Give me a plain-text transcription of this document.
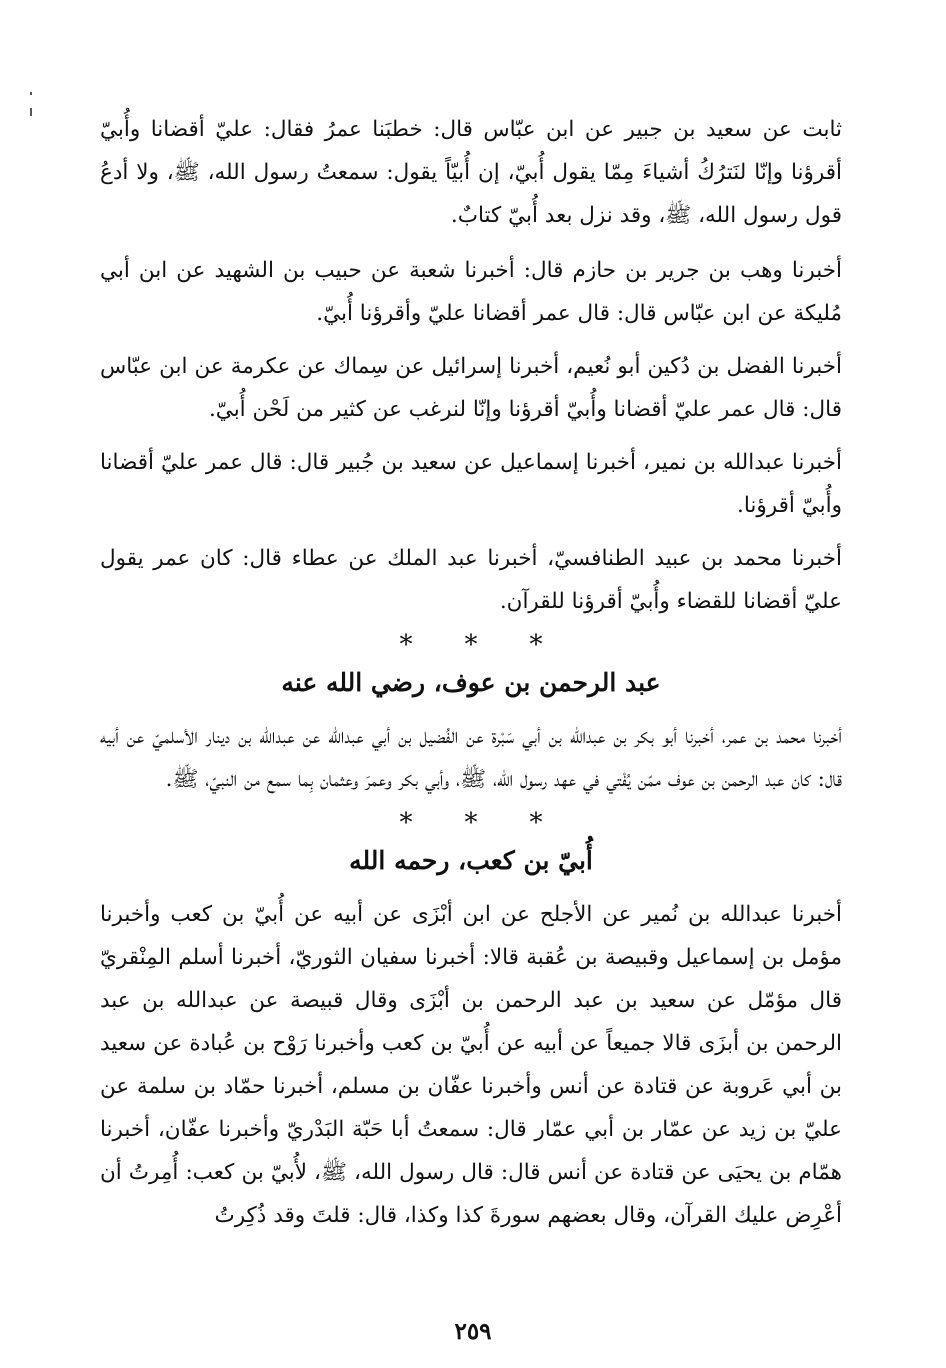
ثابت عن سعيد بن جبير عن ابن عبّاس قال: خطبَنا عمرُ فقال: عليّ أقضانا وأُبيّ أقرؤنا وإنّا لنَترُكُ أشياءَ مِمّا يقول أُبيّ، إن أُبيّاً يقول: سمعتُ رسول الله، ﷺ، ولا أدعُ قول رسول الله، ﷺ، وقد نزل بعد أُبيّ كتابٌ.

أخبرنا وهب بن جرير بن حازم قال: أخبرنا شعبة عن حبيب بن الشهيد عن ابن أبي مُليكة عن ابن عبّاس قال: قال عمر أقضانا عليّ وأقرؤنا أُبيّ.

أخبرنا الفضل بن دُكين أبو نُعيم، أخبرنا إسرائيل عن سِماك عن عكرمة عن ابن عبّاس قال: قال عمر عليّ أقضانا وأُبيّ أقرؤنا وإنّا لنرغب عن كثير من لَحْن أُبيّ.

أخبرنا عبدالله بن نمير، أخبرنا إسماعيل عن سعيد بن جُبير قال: قال عمر عليّ أقضانا وأُبيّ أقرؤنا.

أخبرنا محمد بن عبيد الطنافسيّ، أخبرنا عبد الملك عن عطاء قال: كان عمر يقول عليّ أقضانا للقضاء وأُبيّ أقرؤنا للقرآن.

* * *
عبد الرحمن بن عوف، رضي الله عنه

أخبرنا محمد بن عمر، أخبرنا أبو بكر بن عبدالله بن أبي سَبْرة عن الفُضيل بن أبي عبدالله عن عبدالله بن دينار الأسلميّ عن أبيه قال: كان عبد الرحمن بن عوف ممّن يُفْتي في عهد رسول الله، ﷺ، وأبي بكر وعمرَ وعثمان بِما سمع من النبيّ، ﷺ.

* * *
أُبيّ بن كعب، رحمه الله

أخبرنا عبدالله بن نُمير عن الأجلح عن ابن أبْزَى عن أبيه عن أُبيّ بن كعب وأخبرنا مؤمل بن إسماعيل وقبيصة بن عُقبة قالا: أخبرنا سفيان الثوريّ، أخبرنا أسلم المِنْقريّ قال مؤمّل عن سعيد بن عبد الرحمن بن أبْزَى وقال قبيصة عن عبدالله بن عبد الرحمن بن أبزَى قالا جميعاً عن أبيه عن أُبيّ بن كعب وأخبرنا رَوْح بن عُبادة عن سعيد بن أبي عَروبة عن قتادة عن أنس وأخبرنا عفّان بن مسلم، أخبرنا حمّاد بن سلمة عن عليّ بن زيد عن عمّار بن أبي عمّار قال: سمعتُ أبا حَبّة البَدْريّ وأخبرنا عفّان، أخبرنا همّام بن يحيَى عن قتادة عن أنس قال: قال رسول الله، ﷺ، لأُبيّ بن كعب: أُمِرتُ أن أعْرِض عليك القرآن، وقال بعضهم سورةَ كذا وكذا، قال: قلتَ وقد ذُكِرتُ

٢٥٩
